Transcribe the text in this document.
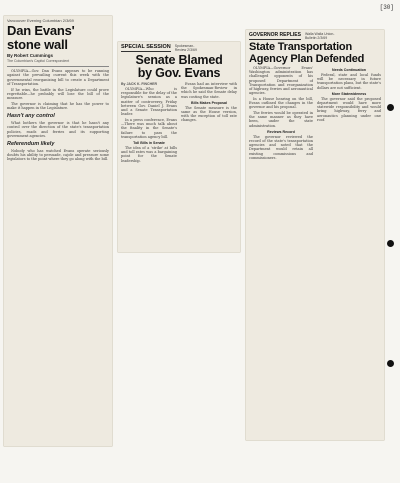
[30]
Vancouver Evening Columbian 2/3/69
Dan Evans'
stone wall
By Robert Cummings
The Columbian's Capitol Correspondent

OLYMPIA—Gov. Dan Evans appears to be running against the prevailing current this week with the governmental reorganizing bill to create a Department of Transportation.

If he wins, the battle in the Legislature could prove regrettable—he probably will lose the bill of the measure.

The governor is claiming that he has the power to make it happen in the Legislature.

Hasn't any control

What bothers the governor is that he hasn't any control over the direction of the state's transportation policies, roads and ferries and its supporting government agencies.

Referendum likely

Nobody who has watched Evans operate seriously doubts his ability to persuade, cajole and pressure some legislators to the point where they go along with the bill.

SPECIAL SESSION Spokesman-
Review 2/3/69
Senate Blamed
by Gov. Evans
By JACK K. FINCHER

OLYMPIA—Who is responsible for the delay of the legislature's session as a matter of controversy, Friday between Gov. Daniel J. Evans and a Senate Transportation leader.

In a press conference, Evans—There was much talk about the finality in the Senate's failure to pass the transportation agency bill.

Toll Bills in Senate

The idea of a 'strike' at bills and toll rates was a bargaining point for the Senate leadership.

Evans had an interview with the Spokesman-Review in which he said the Senate delay was costing the state.

Bills Makes Proposal

The Senate measure is the same as the House version, with the exception of toll rate changes.

GOVERNOR REPLIES Walla Walla Union-
Bulletin 2/3/69
State Transportation
Agency Plan Defended

OLYMPIA—Governor Evans' Washington administration has challenged opponents of his proposed Department of Transportation and reorganization of highway, ferries and aeronautical agencies.

In a House hearing on the bill, Evans outlined the changes in the governor and his proposal.

The ferries would be operated in the same manner as they have been, under the state administration.

Reviews Record

The governor reviewed the record of the state's transportation agencies and noted that the Department would retain all existing commissions and commissioners.

Needs Continuation

Federal, state and local funds will be necessary in future transportation plans, but the state's dollars are not sufficient.

More Statewideness

The governor said the proposed department would have more statewide responsibility and would bring highway, ferry and aeronautics planning under one roof.
